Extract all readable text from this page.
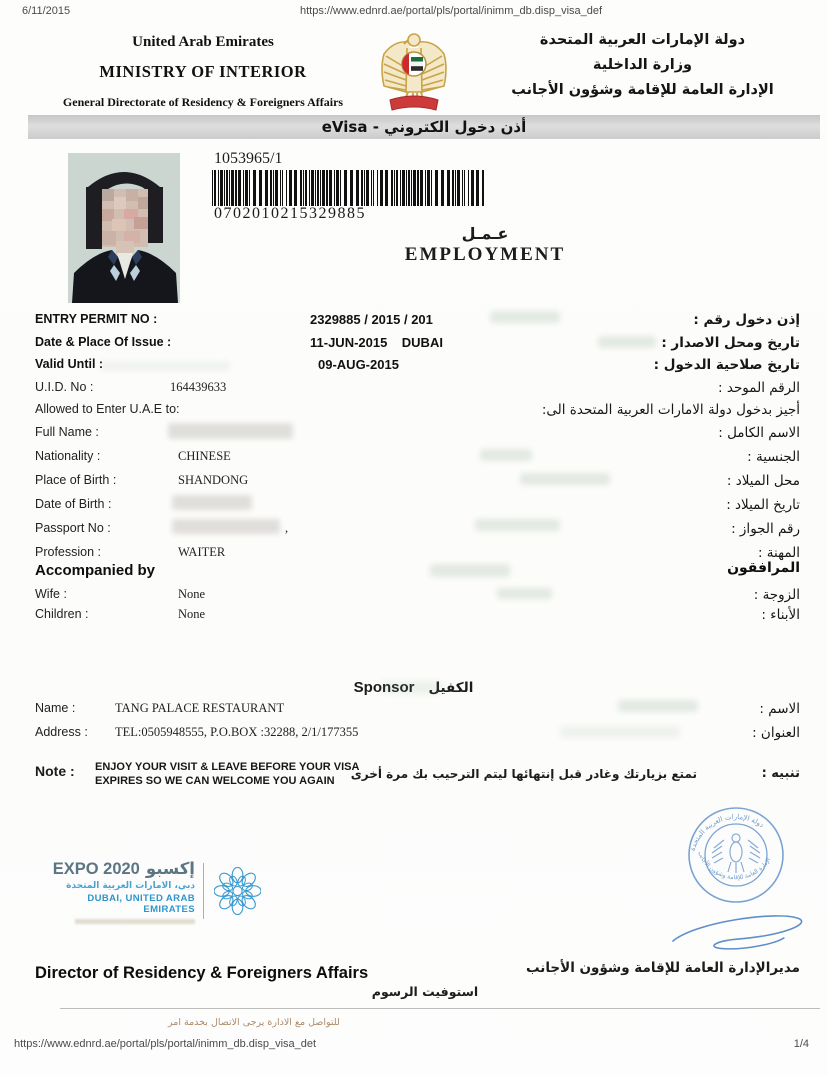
6/11/2015	https://www.ednrd.ae/portal/pls/portal/inimm_db.disp_visa_def
United Arab Emirates
MINISTRY OF INTERIOR
General Directorate of Residency & Foreigners Affairs
دولة الإمارات العربية المتحدة
وزارة الداخلية
الإدارة العامة للإقامة وشؤون الأجانب
أذن دخول الكتروني - eVisa
1053965/1
0702010215329885
عـمـل
EMPLOYMENT
ENTRY PERMIT NO :	2329885 / 2015 / 201	إذن دخول رقم :
Date & Place Of Issue :	11-JUN-2015    DUBAI	تاريخ ومحل الاصدار :
Valid Until :	09-AUG-2015	تاريخ صلاحية الدخول :
U.I.D. No :	164439633	الرقم الموحد :
Allowed to Enter U.A.E to:	أجيز بدخول دولة الامارات العربية المتحدة الى:
Full Name :	الاسم الكامل :
Nationality :	CHINESE	الجنسية :
Place of Birth :	SHANDONG	محل الميلاد :
Date of Birth :	تاريخ الميلاد :
Passport No :	,	رقم الجواز :
Profession :	WAITER	المهنة :
Accompanied by	المرافقون
Wife :	None	الزوجة :
Children :	None	الأبناء :
Sponsor الكفيل
Name :	TANG PALACE RESTAURANT	الاسم :
Address : TEL:0505948555, P.O.BOX :32288, 2/1/177355	العنوان :
Note : ENJOY YOUR VISIT & LEAVE BEFORE YOUR VISA
EXPIRES SO WE CAN WELCOME YOU AGAIN	تمتع بزيارتك وغادر قبل إنتهائها ليتم الترحيب بك مرة أخرى	تنبيه :
EXPO 2020 إكسبو
دبي، الامارات العربية المتحدة
DUBAI, UNITED ARAB EMIRATES
دولة الإمارات العربية المتحدة
الإدارة العامة للإقامة وشؤون الأجانب
مديرالإدارة العامة للإقامة وشؤون الأجانب
Director of Residency & Foreigners Affairs
استوفيت الرسوم
للتواصل مع الادارة يرجى الاتصال بخدمة امر
https://www.ednrd.ae/portal/pls/portal/inimm_db.disp_visa_det	1/4
